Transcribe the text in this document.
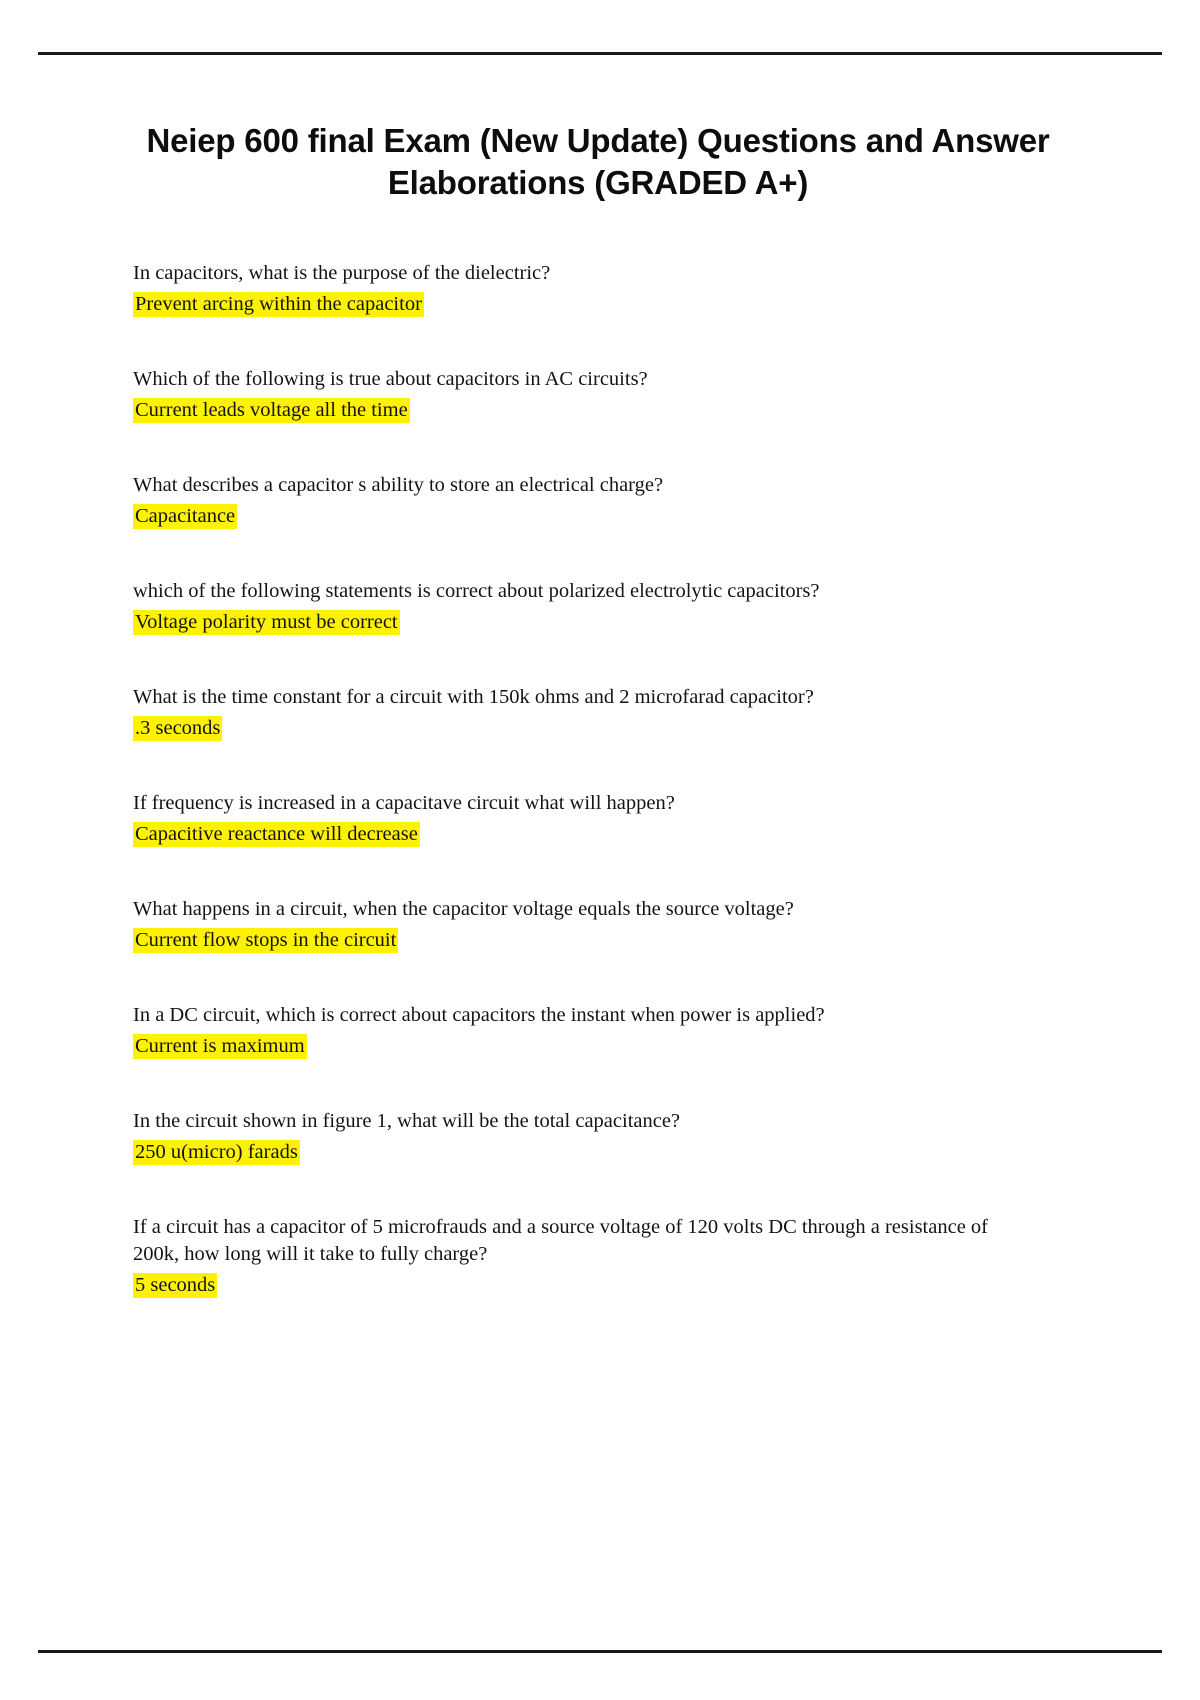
Neiep 600 final Exam (New Update) Questions and Answer Elaborations (GRADED A+)

In capacitors, what is the purpose of the dielectric?

Prevent arcing within the capacitor

Which of the following is true about capacitors in AC circuits?

Current leads voltage all the time

What describes a capacitor s ability to store an electrical charge?

Capacitance

which of the following statements is correct about polarized electrolytic capacitors?

Voltage polarity must be correct

What is the time constant for a circuit with 150k ohms and 2 microfarad capacitor?

.3 seconds

If frequency is increased in a capacitave circuit what will happen?

Capacitive reactance will decrease

What happens in a circuit, when the capacitor voltage equals the source voltage?

Current flow stops in the circuit

In a DC circuit, which is correct about capacitors the instant when power is applied?

Current is maximum

In the circuit shown in figure 1, what will be the total capacitance?

250 u(micro) farads

If a circuit has a capacitor of 5 microfrauds and a source voltage of 120 volts DC through a resistance of 200k, how long will it take to fully charge?

5 seconds
